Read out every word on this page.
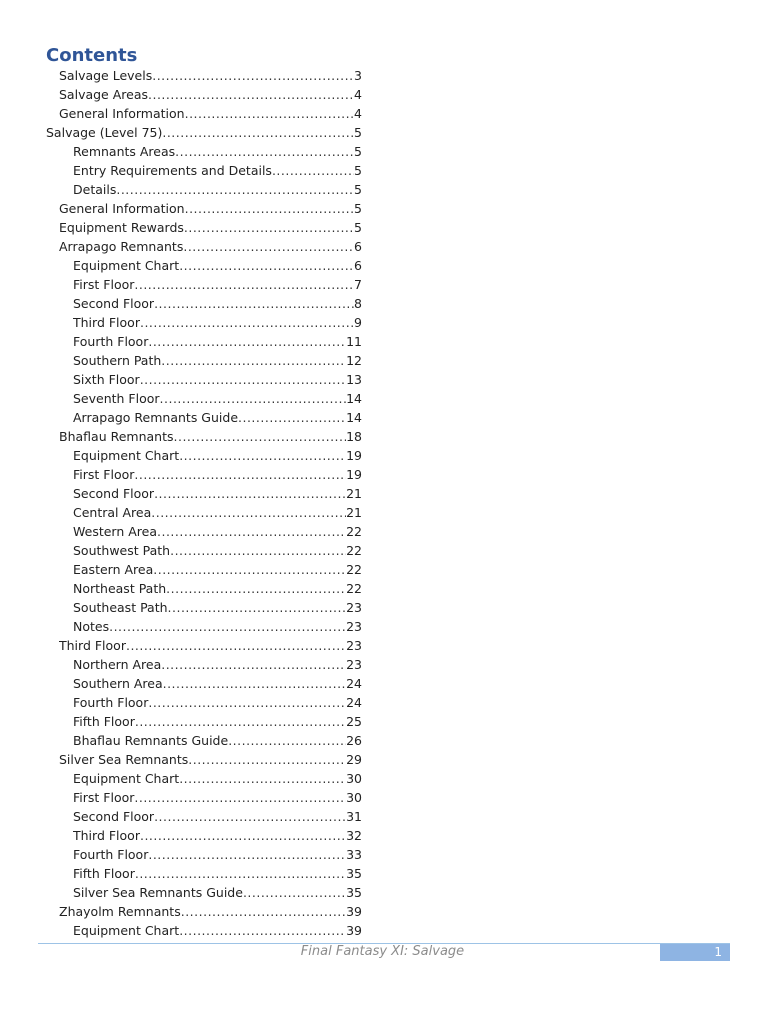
Contents
Salvage Levels .....	3
Salvage Areas .....	4
General Information .....	4
Salvage (Level 75) .....	5
Remnants Areas .....	5
Entry Requirements and Details .....	5
Details .....	5
General Information .....	5
Equipment Rewards .....	5
Arrapago Remnants .....	6
Equipment Chart .....	6
First Floor .....	7
Second Floor .....	8
Third Floor .....	9
Fourth Floor .....	11
Southern Path .....	12
Sixth Floor .....	13
Seventh Floor .....	14
Arrapago Remnants Guide .....	14
Bhaflau Remnants .....	18
Equipment Chart .....	19
First Floor .....	19
Second Floor .....	21
Central Area .....	21
Western Area .....	22
Southwest Path .....	22
Eastern Area .....	22
Northeast Path .....	22
Southeast Path .....	23
Notes .....	23
Third Floor .....	23
Northern Area .....	23
Southern Area .....	24
Fourth Floor .....	24
Fifth Floor .....	25
Bhaflau Remnants Guide .....	26
Silver Sea Remnants .....	29
Equipment Chart .....	30
First Floor .....	30
Second Floor .....	31
Third Floor .....	32
Fourth Floor .....	33
Fifth Floor .....	35
Silver Sea Remnants Guide .....	35
Zhayolm Remnants .....	39
Equipment Chart .....	39
Final Fantasy XI: Salvage	1
